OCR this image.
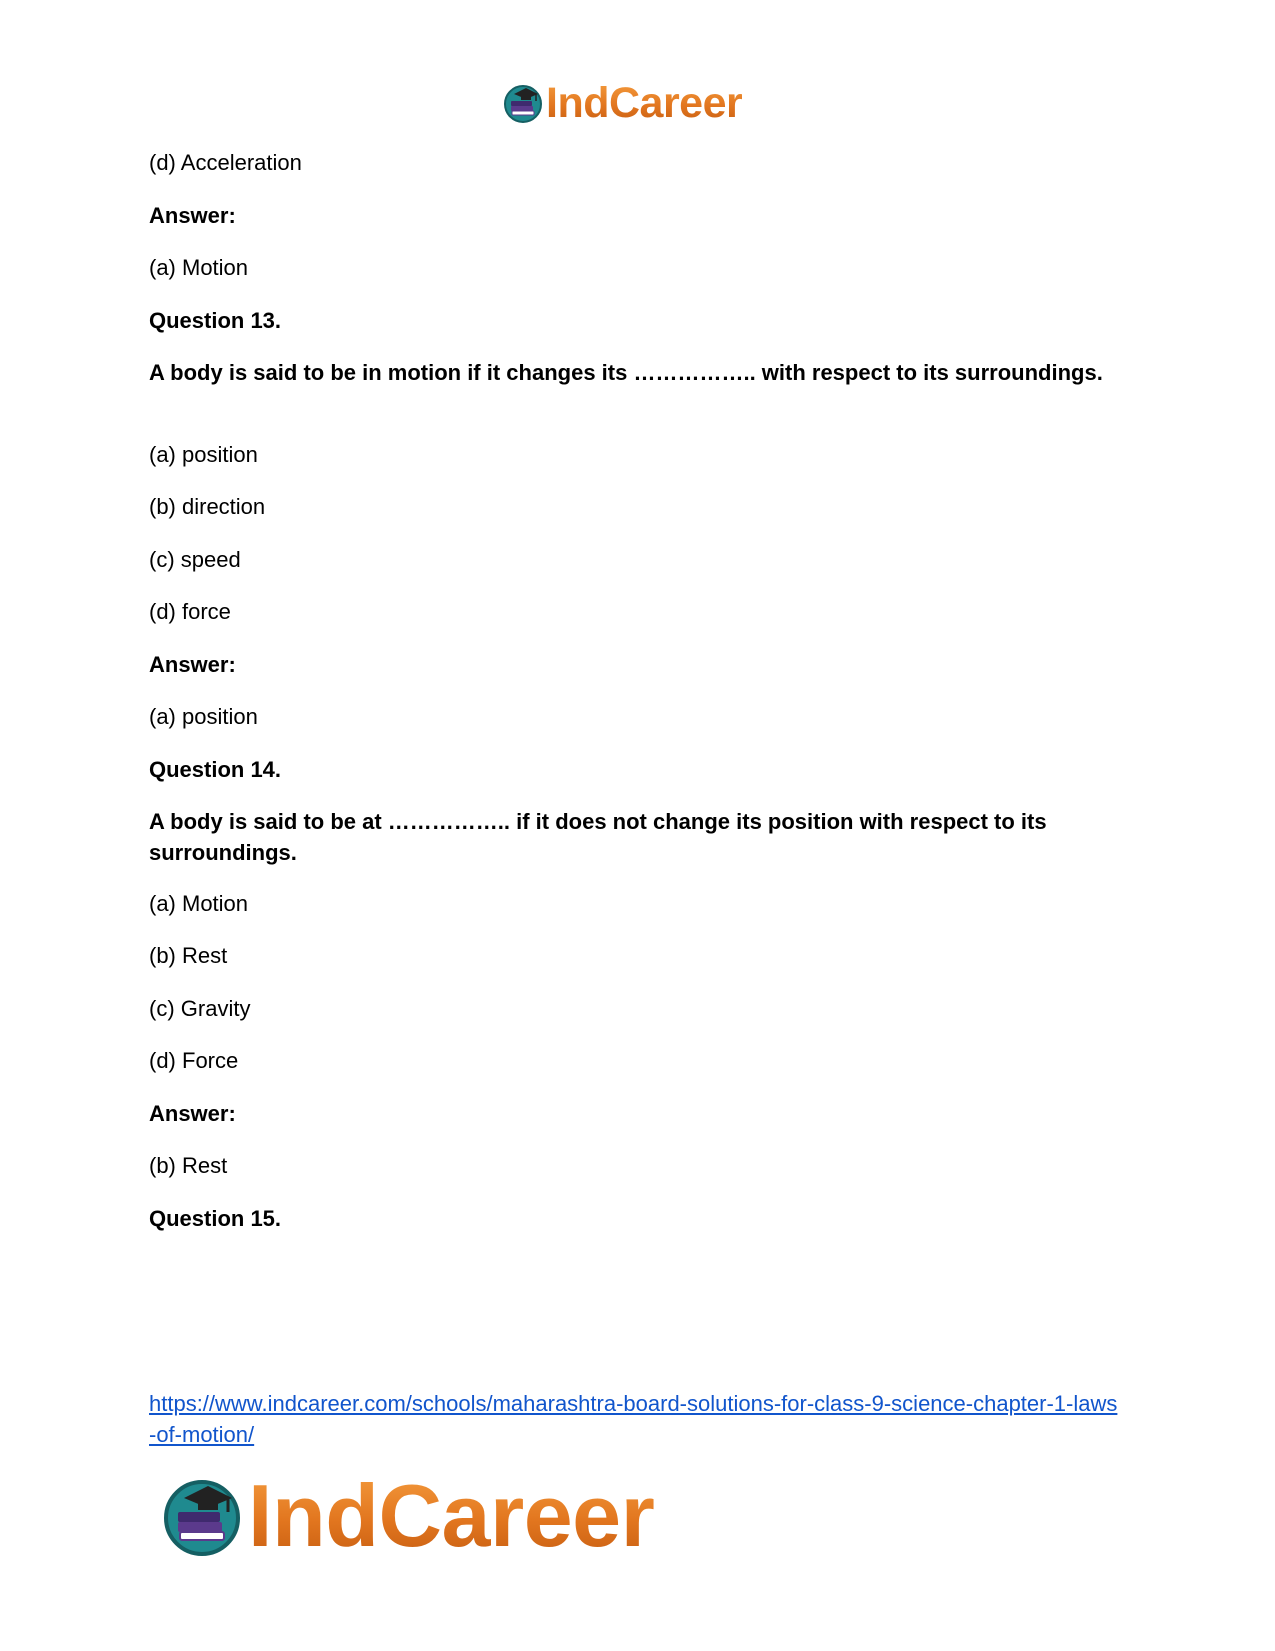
IndCareer
(d) Acceleration
Answer:
(a) Motion
Question 13.
A body is said to be in motion if it changes its …………….. with respect to its surroundings.
(a) position
(b) direction
(c) speed
(d) force
Answer:
(a) position
Question 14.
A body is said to be at …………….. if it does not change its position with respect to its surroundings.
(a) Motion
(b) Rest
(c) Gravity
(d) Force
Answer:
(b) Rest
Question 15.
https://www.indcareer.com/schools/maharashtra-board-solutions-for-class-9-science-chapter-1-laws-of-motion/
IndCareer
